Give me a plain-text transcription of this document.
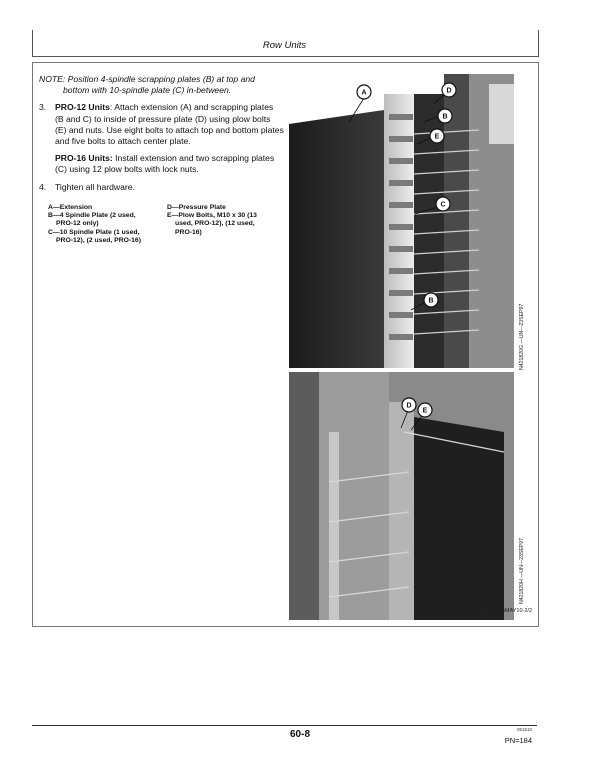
Row Units

NOTE: Position 4-spindle scrapping plates (B) at top and
bottom with 10-spindle plate (C) in-between.

3. PRO-12 Units: Attach extension (A) and scrapping plates (B and C) to inside of pressure plate (D) using plow bolts (E) and nuts. Use eight bolts to attach top and bottom plates and five bolts to attach center plate.
PRO-16 Units: Install extension and two scrapping plates (C) using 12 plow bolts with lock nuts.
4. Tighten all hardware.
A—Extension
B—4 Spindle Plate (2 used,
PRO-12 only)
C—10 Spindle Plate (1 used,
PRO-12), (2 used, PRO-16)
D—Pressure Plate
E—Plow Bolts, M10 x 30 (13
used, PRO-12), (12 used,
PRO-16)
A	D
B
E
C
B
N421820G —UN—23SEP97
D
E
N421820H —UN—23SEP97
DP89996,0000404 -19-05MAY10-2/2
60-8	051510
PN=184
